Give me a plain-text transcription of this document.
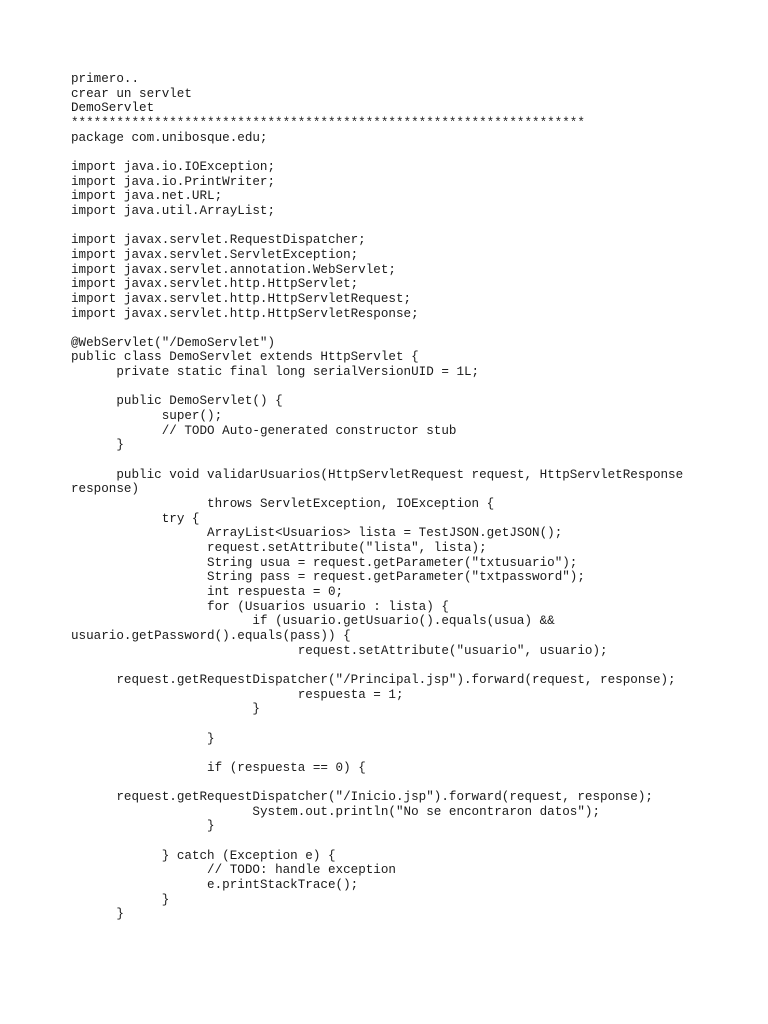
primero..
crear un servlet
DemoServlet
********************************************************************
package com.unibosque.edu;
import java.io.IOException;
import java.io.PrintWriter;
import java.net.URL;
import java.util.ArrayList;
import javax.servlet.RequestDispatcher;
import javax.servlet.ServletException;
import javax.servlet.annotation.WebServlet;
import javax.servlet.http.HttpServlet;
import javax.servlet.http.HttpServletRequest;
import javax.servlet.http.HttpServletResponse;
@WebServlet("/DemoServlet")
public class DemoServlet extends HttpServlet {
	private static final long serialVersionUID = 1L;
	public DemoServlet() {
		super();
		// TODO Auto-generated constructor stub
	}
	public void validarUsuarios(HttpServletRequest request, HttpServletResponse
response)
			throws ServletException, IOException {
		try {
			ArrayList<Usuarios> lista = TestJSON.getJSON();
			request.setAttribute("lista", lista);
			String usua = request.getParameter("txtusuario");
			String pass = request.getParameter("txtpassword");
			int respuesta = 0;
			for (Usuarios usuario : lista) {
				if (usuario.getUsuario().equals(usua) &&
usuario.getPassword().equals(pass)) {
					request.setAttribute("usuario", usuario);
	request.getRequestDispatcher("/Principal.jsp").forward(request, response);
					respuesta = 1;
				}
			}
			if (respuesta == 0) {
	request.getRequestDispatcher("/Inicio.jsp").forward(request, response);
				System.out.println("No se encontraron datos");
			}
		} catch (Exception e) {
			// TODO: handle exception
			e.printStackTrace();
		}
	}
